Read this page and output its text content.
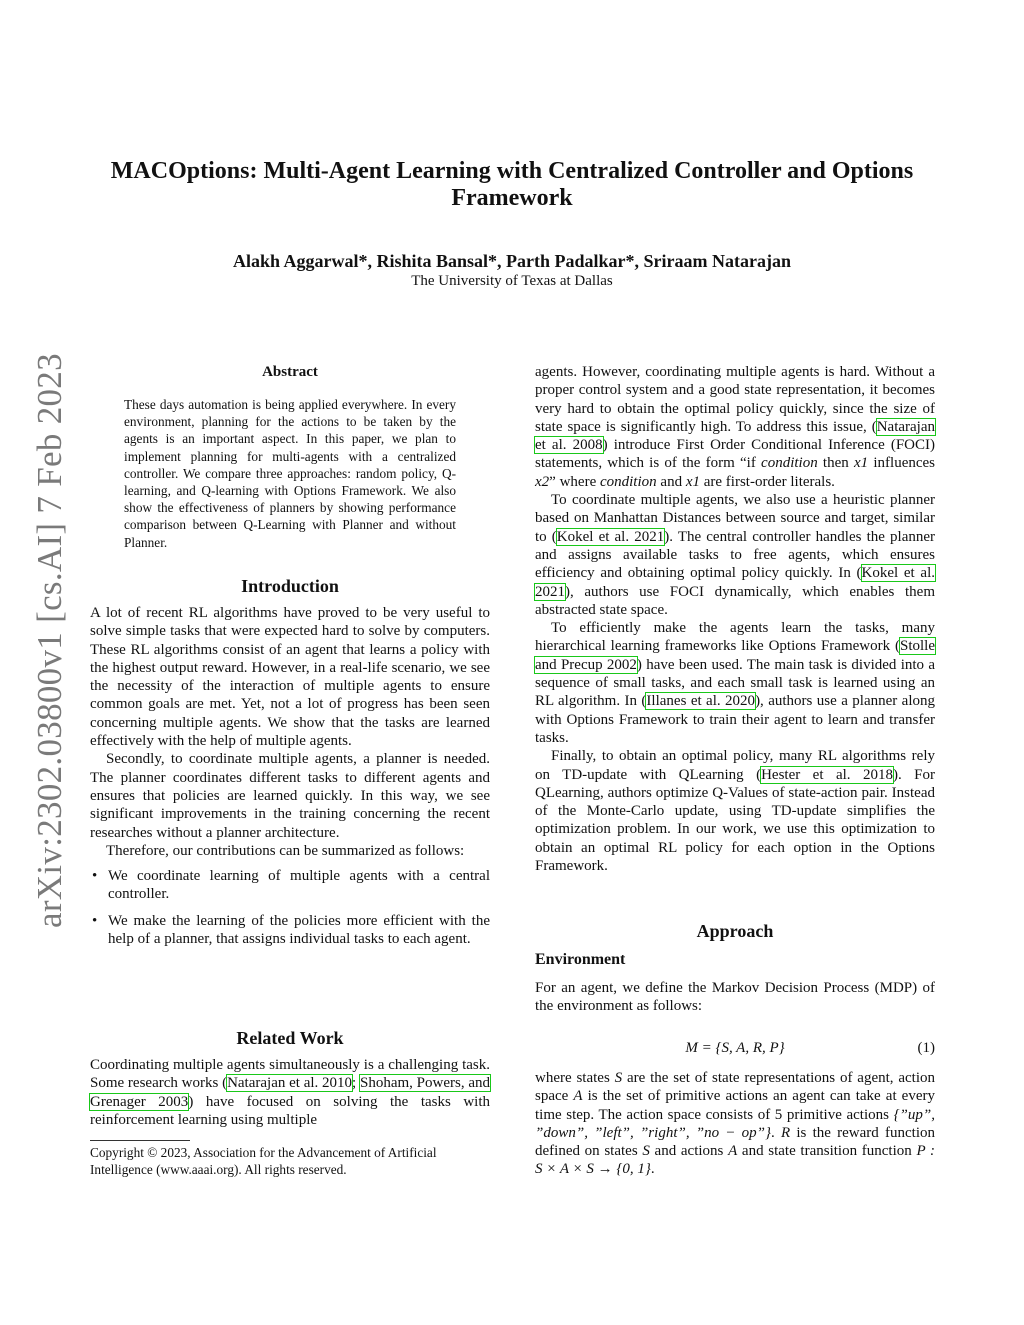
arXiv:2302.03800v1 [cs.AI] 7 Feb 2023
MACOptions: Multi-Agent Learning with Centralized Controller and Options Framework
Alakh Aggarwal*, Rishita Bansal*, Parth Padalkar*, Sriraam Natarajan
The University of Texas at Dallas
Abstract
These days automation is being applied everywhere. In every environment, planning for the actions to be taken by the agents is an important aspect. In this paper, we plan to implement planning for multi-agents with a centralized controller. We compare three approaches: random policy, Q-learning, and Q-learning with Options Framework. We also show the effectiveness of planners by showing performance comparison between Q-Learning with Planner and without Planner.
Introduction

A lot of recent RL algorithms have proved to be very useful to solve simple tasks that were expected hard to solve by computers. These RL algorithms consist of an agent that learns a policy with the highest output reward. However, in a real-life scenario, we see the necessity of the interaction of multiple agents to ensure common goals are met. Yet, not a lot of progress has been seen concerning multiple agents. We show that the tasks are learned effectively with the help of multiple agents.

Secondly, to coordinate multiple agents, a planner is needed. The planner coordinates different tasks to different agents and ensures that policies are learned quickly. In this way, we see significant improvements in the training concerning the recent researches without a planner architecture.

Therefore, our contributions can be summarized as follows:

• We coordinate learning of multiple agents with a central controller.
• We make the learning of the policies more efficient with the help of a planner, that assigns individual tasks to each agent.
Related Work

Coordinating multiple agents simultaneously is a challenging task. Some research works (Natarajan et al. 2010; Shoham, Powers, and Grenager 2003) have focused on solving the tasks with reinforcement learning using multiple

Copyright © 2023, Association for the Advancement of Artificial Intelligence (www.aaai.org). All rights reserved.

agents. However, coordinating multiple agents is hard. Without a proper control system and a good state representation, it becomes very hard to obtain the optimal policy quickly, since the size of state space is significantly high. To address this issue, (Natarajan et al. 2008) introduce First Order Conditional Inference (FOCI) statements, which is of the form “if condition then x1 influences x2” where condition and x1 are first-order literals.

To coordinate multiple agents, we also use a heuristic planner based on Manhattan Distances between source and target, similar to (Kokel et al. 2021). The central controller handles the planner and assigns available tasks to free agents, which ensures efficiency and obtaining optimal policy quickly. In (Kokel et al. 2021), authors use FOCI dynamically, which enables them abstracted state space.

To efficiently make the agents learn the tasks, many hierarchical learning frameworks like Options Framework (Stolle and Precup 2002) have been used. The main task is divided into a sequence of small tasks, and each small task is learned using an RL algorithm. In (Illanes et al. 2020), authors use a planner along with Options Framework to train their agent to learn and transfer tasks.

Finally, to obtain an optimal policy, many RL algorithms rely on TD-update with QLearning (Hester et al. 2018). For QLearning, authors optimize Q-Values of state-action pair. Instead of the Monte-Carlo update, using TD-update simplifies the optimization problem. In our work, we use this optimization to obtain an optimal RL policy for each option in the Options Framework.

Approach
Environment

For an agent, we define the Markov Decision Process (MDP) of the environment as follows:

M = {S, A, R, P}	(1)

where states S are the set of state representations of agent, action space A is the set of primitive actions an agent can take at every time step. The action space consists of 5 primitive actions {”up”, ”down”, ”left”, ”right”, ”no − op”}. R is the reward function defined on states S and actions A and state transition function P : S × A × S → {0, 1}.
